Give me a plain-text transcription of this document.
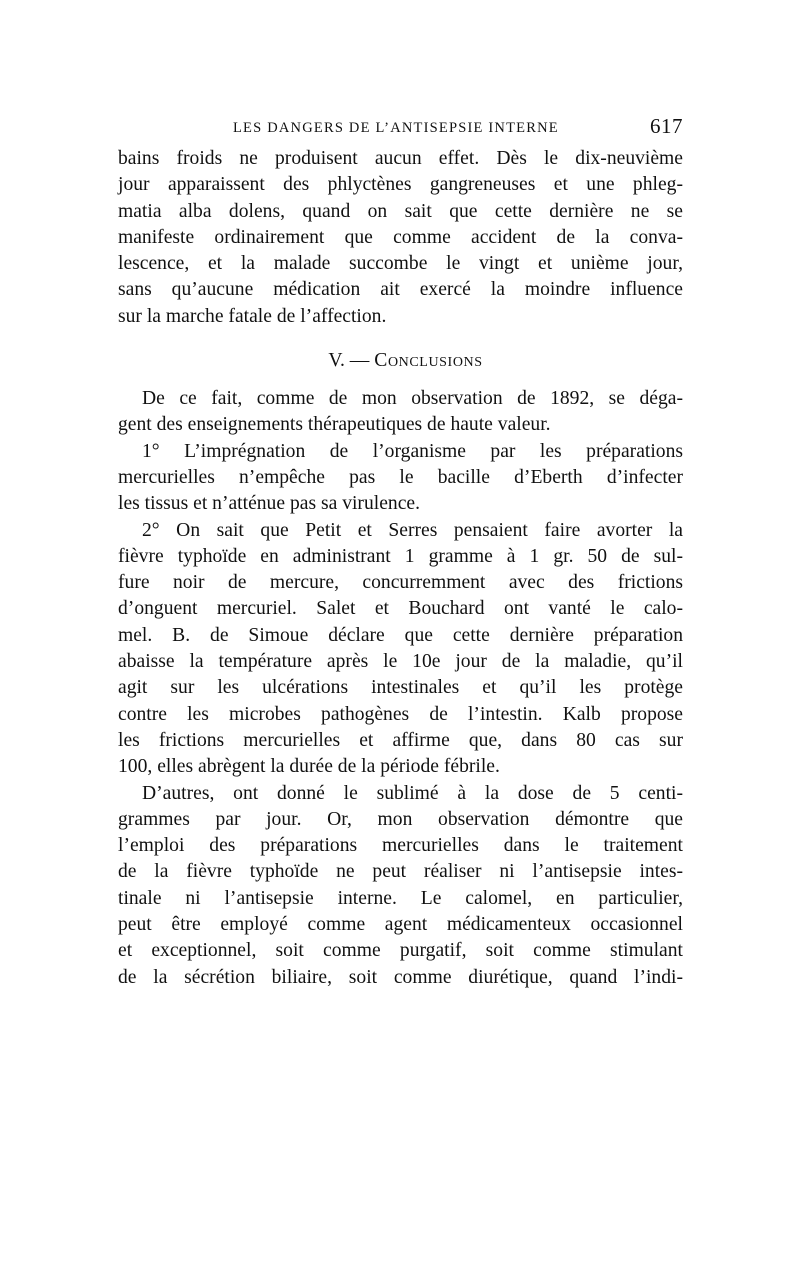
LES DANGERS DE L’ANTISEPSIE INTERNE	617
bains froids ne produisent aucun effet. Dès le dix-neuvième
jour apparaissent des phlyctènes gangreneuses et une phleg-
matia alba dolens, quand on sait que cette dernière ne se
manifeste ordinairement que comme accident de la conva-
lescence, et la malade succombe le vingt et unième jour,
sans qu’aucune médication ait exercé la moindre influence
sur la marche fatale de l’affection.
V. — Conclusions
De ce fait, comme de mon observation de 1892, se déga-
gent des enseignements thérapeutiques de haute valeur.
1° L’imprégnation de l’organisme par les préparations
mercurielles n’empêche pas le bacille d’Eberth d’infecter
les tissus et n’atténue pas sa virulence.
2° On sait que Petit et Serres pensaient faire avorter la
fièvre typhoïde en administrant 1 gramme à 1 gr. 50 de sul-
fure noir de mercure, concurremment avec des frictions
d’onguent mercuriel. Salet et Bouchard ont vanté le calo-
mel. B. de Simoue déclare que cette dernière préparation
abaisse la température après le 10e jour de la maladie, qu’il
agit sur les ulcérations intestinales et qu’il les protège
contre les microbes pathogènes de l’intestin. Kalb propose
les frictions mercurielles et affirme que, dans 80 cas sur
100, elles abrègent la durée de la période fébrile.
D’autres, ont donné le sublimé à la dose de 5 centi-
grammes par jour. Or, mon observation démontre que
l’emploi des préparations mercurielles dans le traitement
de la fièvre typhoïde ne peut réaliser ni l’antisepsie intes-
tinale ni l’antisepsie interne. Le calomel, en particulier,
peut être employé comme agent médicamenteux occasionnel
et exceptionnel, soit comme purgatif, soit comme stimulant
de la sécrétion biliaire, soit comme diurétique, quand l’indi-
